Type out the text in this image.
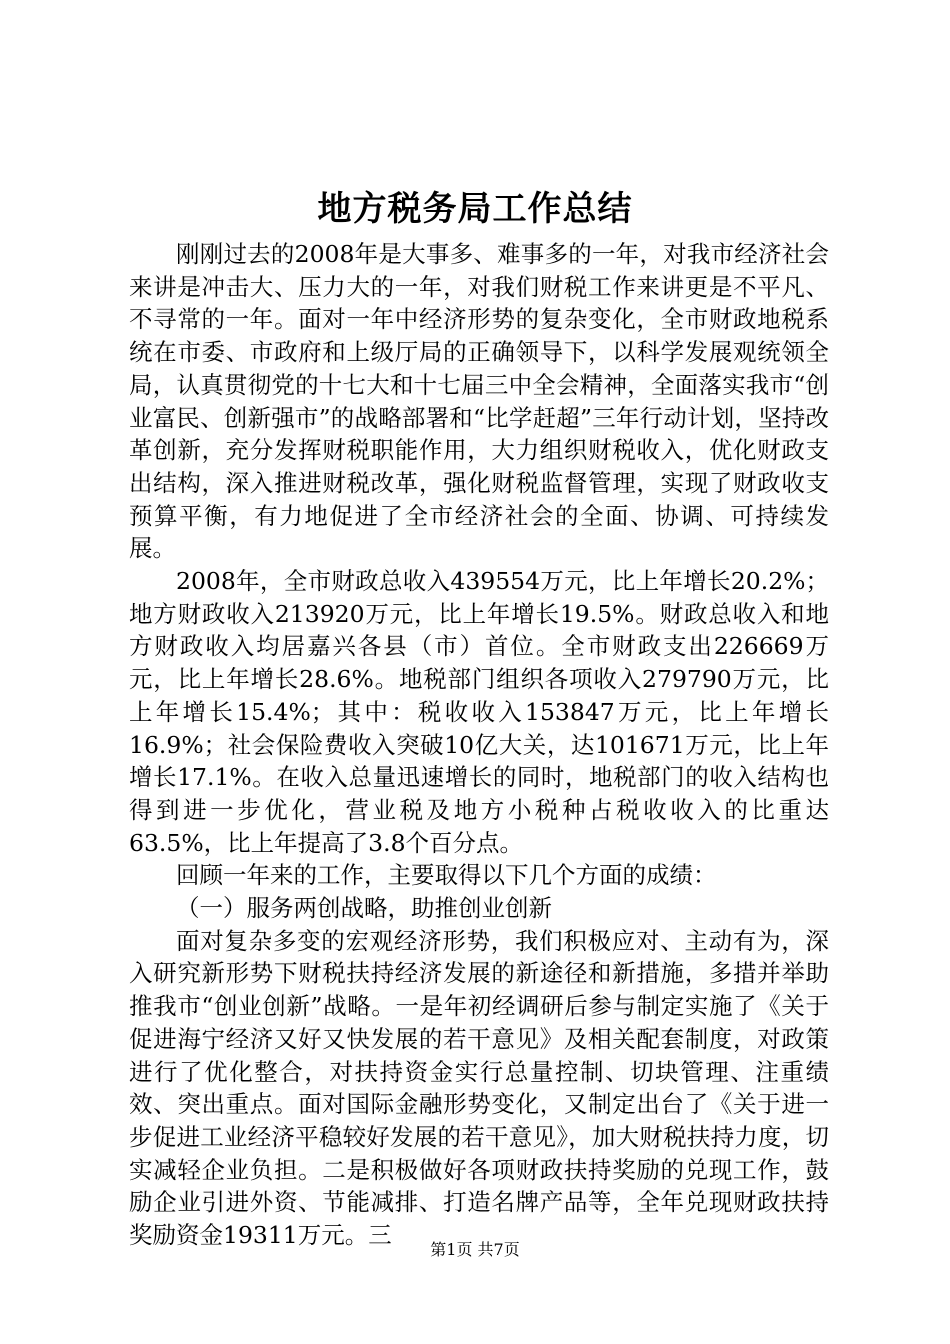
地方税务局工作总结

刚刚过去的2008年是大事多、难事多的一年，对我市经济社会来讲是冲击大、压力大的一年，对我们财税工作来讲更是不平凡、不寻常的一年。面对一年中经济形势的复杂变化，全市财政地税系统在市委、市政府和上级厅局的正确领导下，以科学发展观统领全局，认真贯彻党的十七大和十七届三中全会精神，全面落实我市“创业富民、创新强市”的战略部署和“比学赶超”三年行动计划，坚持改革创新，充分发挥财税职能作用，大力组织财税收入，优化财政支出结构，深入推进财税改革，强化财税监督管理，实现了财政收支预算平衡，有力地促进了全市经济社会的全面、协调、可持续发展。

2008年，全市财政总收入439554万元，比上年增长20.2%；地方财政收入213920万元，比上年增长19.5%。财政总收入和地方财政收入均居嘉兴各县（市）首位。全市财政支出226669万元，比上年增长28.6%。地税部门组织各项收入279790万元，比上年增长15.4%；其中：税收收入153847万元，比上年增长16.9%；社会保险费收入突破10亿大关，达101671万元，比上年增长17.1%。在收入总量迅速增长的同时，地税部门的收入结构也得到进一步优化，营业税及地方小税种占税收收入的比重达63.5%，比上年提高了3.8个百分点。

回顾一年来的工作，主要取得以下几个方面的成绩：

（一）服务两创战略，助推创业创新

面对复杂多变的宏观经济形势，我们积极应对、主动有为，深入研究新形势下财税扶持经济发展的新途径和新措施，多措并举助推我市“创业创新”战略。一是年初经调研后参与制定实施了《关于促进海宁经济又好又快发展的若干意见》及相关配套制度，对政策进行了优化整合，对扶持资金实行总量控制、切块管理、注重绩效、突出重点。面对国际金融形势变化，又制定出台了《关于进一步促进工业经济平稳较好发展的若干意见》，加大财税扶持力度，切实减轻企业负担。二是积极做好各项财政扶持奖励的兑现工作，鼓励企业引进外资、节能减排、打造名牌产品等，全年兑现财政扶持奖励资金19311万元。三

第1页 共7页
